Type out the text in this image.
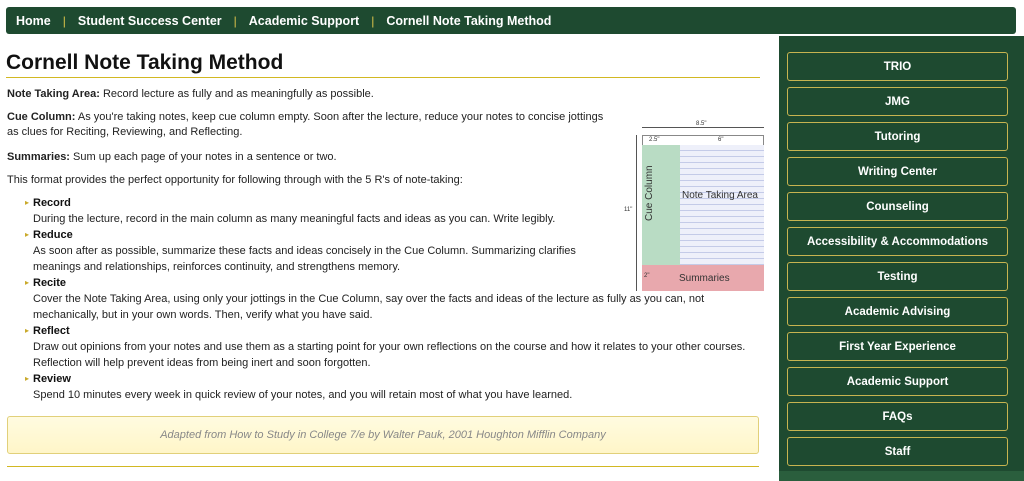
Home | Student Success Center | Academic Support | Cornell Note Taking Method
Cornell Note Taking Method

Note Taking Area: Record lecture as fully and as meaningfully as possible.

Cue Column: As you're taking notes, keep cue column empty. Soon after the lecture, reduce your notes to concise jottings as clues for Reciting, Reviewing, and Reflecting.

Summaries: Sum up each page of your notes in a sentence or two.

This format provides the perfect opportunity for following through with the 5 R's of note-taking:

▸ Record
During the lecture, record in the main column as many meaningful facts and ideas as you can. Write legibly.
▸ Reduce
As soon after as possible, summarize these facts and ideas concisely in the Cue Column. Summarizing clarifies meanings and relationships, reinforces continuity, and strengthens memory.
▸ Recite
Cover the Note Taking Area, using only your jottings in the Cue Column, say over the facts and ideas of the lecture as fully as you can, not mechanically, but in your own words. Then, verify what you have said.
▸ Reflect
Draw out opinions from your notes and use them as a starting point for your own reflections on the course and how it relates to your other courses. Reflection will help prevent ideas from being inert and soon forgotten.
▸ Review
Spend 10 minutes every week in quick review of your notes, and you will retain most of what you have learned.
8.5"
2.5"	6"
11" Cue Column	Note Taking Area
2"	Summaries
Adapted from How to Study in College 7/e by Walter Pauk, 2001 Houghton Mifflin Company
TRIO
JMG
Tutoring
Writing Center
Counseling
Accessibility & Accommodations
Testing
Academic Advising
First Year Experience
Academic Support
FAQs
Staff
